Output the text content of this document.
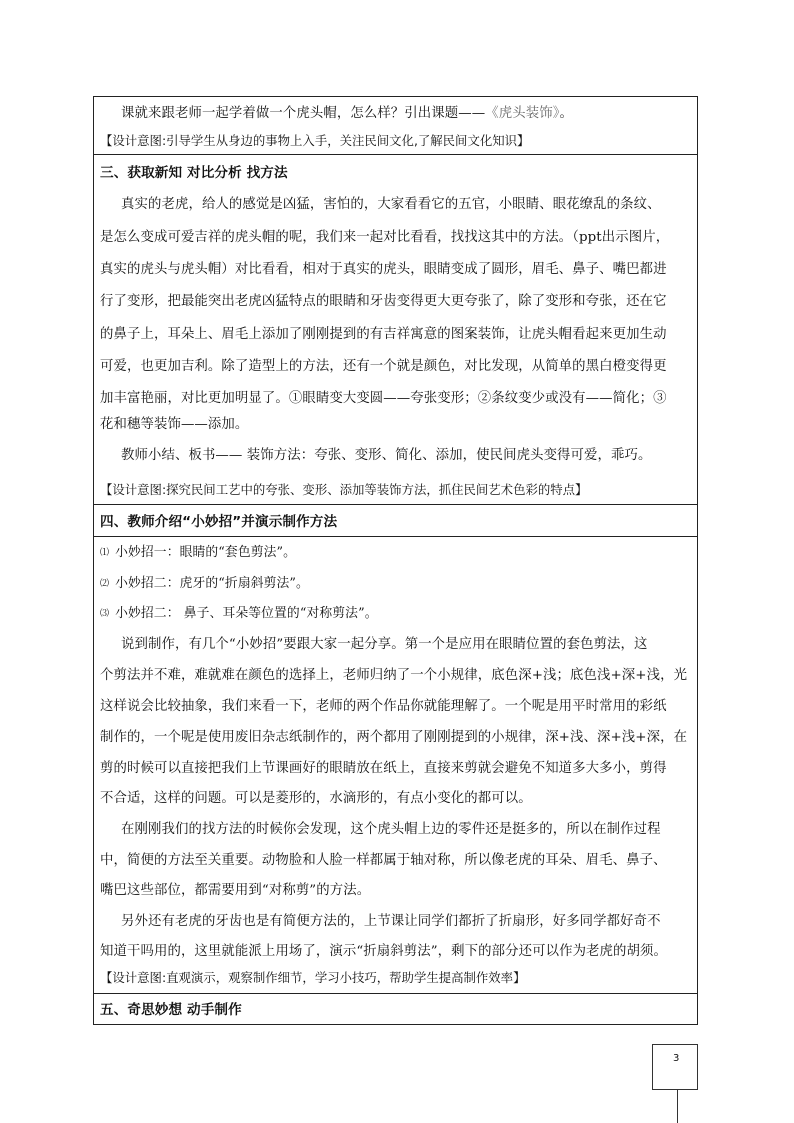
课就来跟老师一起学着做一个虎头帽，怎么样？引出课题——《虎头装饰》。
【设计意图:引导学生从身边的事物上入手，关注民间文化,了解民间文化知识】
三、获取新知 对比分析 找方法
真实的老虎，给人的感觉是凶猛，害怕的，大家看看它的五官，小眼睛、眼花缭乱的条纹、
是怎么变成可爱吉祥的虎头帽的呢，我们来一起对比看看，找找这其中的方法。（ppt出示图片，
真实的虎头与虎头帽）对比看看，相对于真实的虎头，眼睛变成了圆形，眉毛、鼻子、嘴巴都进
行了变形，把最能突出老虎凶猛特点的眼睛和牙齿变得更大更夸张了，除了变形和夸张，还在它
的鼻子上，耳朵上、眉毛上添加了刚刚提到的有吉祥寓意的图案装饰，让虎头帽看起来更加生动
可爱，也更加吉利。除了造型上的方法，还有一个就是颜色，对比发现，从简单的黑白橙变得更
加丰富艳丽，对比更加明显了。①眼睛变大变圆——夸张变形；②条纹变少或没有——简化；③
花和穗等装饰——添加。
教师小结、板书—— 装饰方法：夸张、变形、简化、添加，使民间虎头变得可爱，乖巧。
【设计意图:探究民间工艺中的夸张、变形、添加等装饰方法，抓住民间艺术色彩的特点】
四、教师介绍“小妙招”并演示制作方法
⑴ 小妙招一：眼睛的“套色剪法”。
⑵ 小妙招二：虎牙的“折扇斜剪法”。
⑶ 小妙招二： 鼻子、耳朵等位置的“对称剪法”。
说到制作，有几个“小妙招”要跟大家一起分享。第一个是应用在眼睛位置的套色剪法，这
个剪法并不难，难就难在颜色的选择上，老师归纳了一个小规律，底色深+浅；底色浅+深+浅，光
这样说会比较抽象，我们来看一下，老师的两个作品你就能理解了。一个呢是用平时常用的彩纸
制作的，一个呢是使用废旧杂志纸制作的，两个都用了刚刚提到的小规律，深+浅、深+浅+深，在
剪的时候可以直接把我们上节课画好的眼睛放在纸上，直接来剪就会避免不知道多大多小，剪得
不合适，这样的问题。可以是菱形的，水滴形的，有点小变化的都可以。
在刚刚我们的找方法的时候你会发现，这个虎头帽上边的零件还是挺多的，所以在制作过程
中，简便的方法至关重要。动物脸和人脸一样都属于轴对称，所以像老虎的耳朵、眉毛、鼻子、
嘴巴这些部位，都需要用到“对称剪”的方法。
另外还有老虎的牙齿也是有简便方法的，上节课让同学们都折了折扇形，好多同学都好奇不
知道干吗用的，这里就能派上用场了，演示“折扇斜剪法”，剩下的部分还可以作为老虎的胡须。
【设计意图:直观演示，观察制作细节，学习小技巧，帮助学生提高制作效率】
五、奇思妙想 动手制作
3
